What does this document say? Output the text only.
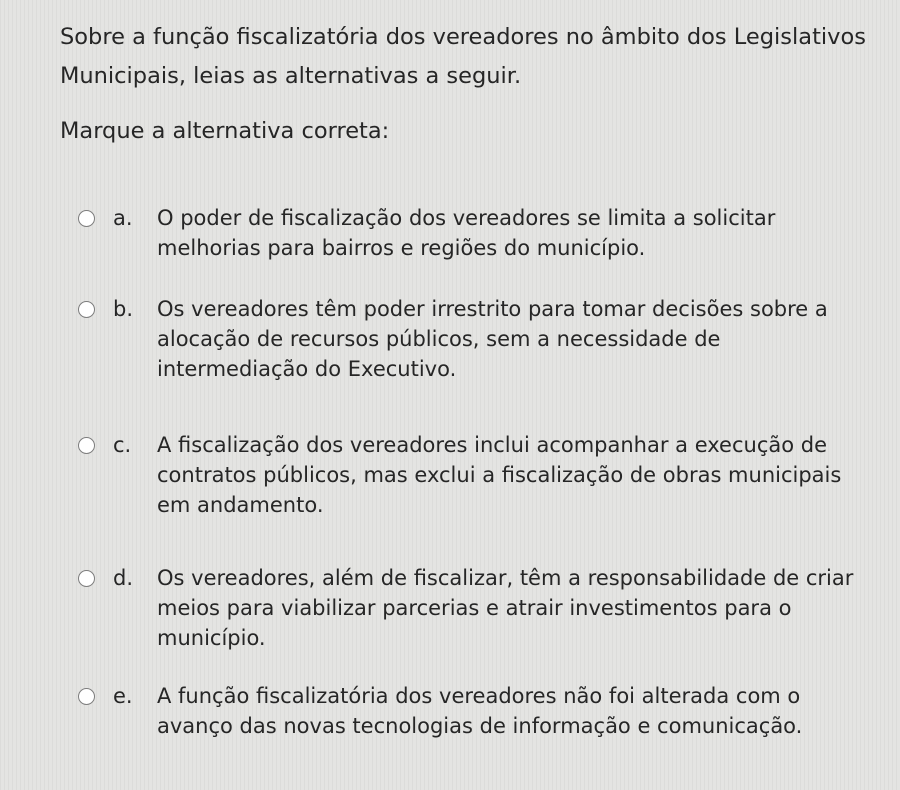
Sobre a função fiscalizatória dos vereadores no âmbito dos Legislativos Municipais, leias as alternativas a seguir.

Marque a alternativa correta:

a. O poder de fiscalização dos vereadores se limita a solicitar melhorias para bairros e regiões do município.
b. Os vereadores têm poder irrestrito para tomar decisões sobre a alocação de recursos públicos, sem a necessidade de intermediação do Executivo.
c. A fiscalização dos vereadores inclui acompanhar a execução de contratos públicos, mas exclui a fiscalização de obras municipais em andamento.
d. Os vereadores, além de fiscalizar, têm a responsabilidade de criar meios para viabilizar parcerias e atrair investimentos para o município.
e. A função fiscalizatória dos vereadores não foi alterada com o avanço das novas tecnologias de informação e comunicação.
